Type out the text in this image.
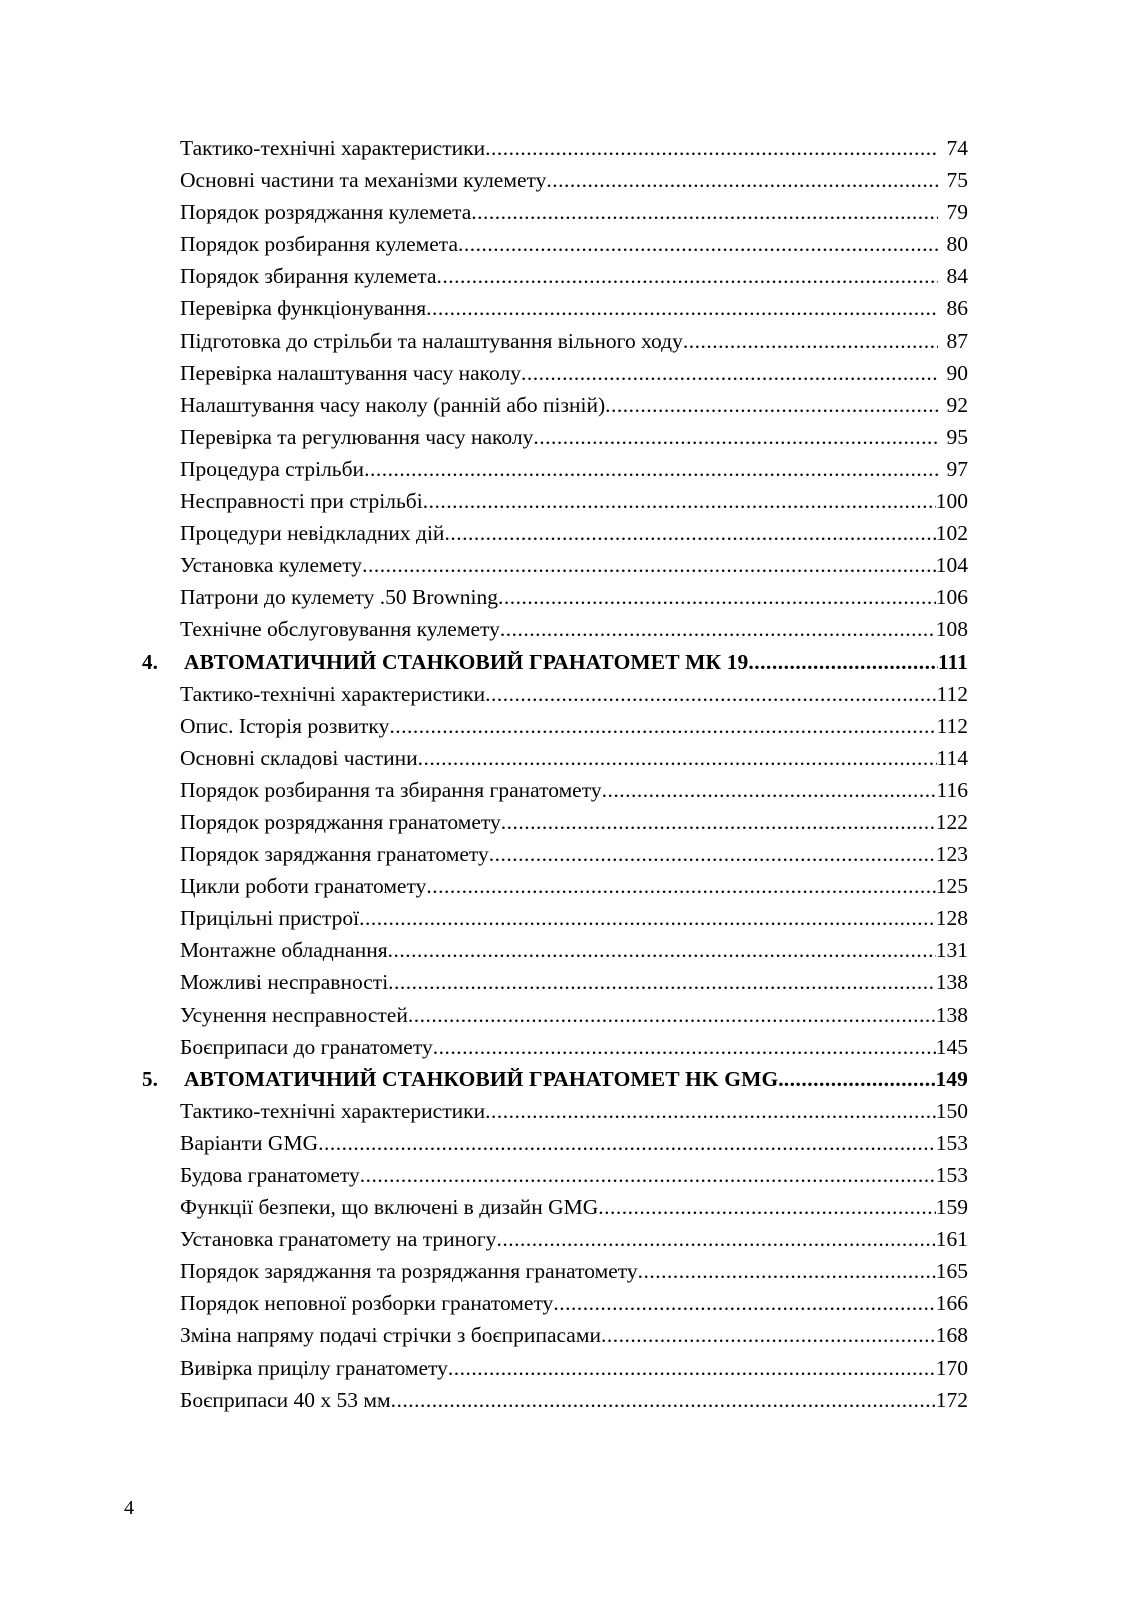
Тактико-технічні характеристики .....	74
Основні частини та механізми кулемету .....	75
Порядок розряджання кулемета .....	79
Порядок розбирання кулемета .....	80
Порядок збирання кулемета .....	84
Перевірка функціонування .....	86
Підготовка до стрільби та налаштування вільного ходу .....	87
Перевірка налаштування часу наколу .....	90
Налаштування часу наколу (ранній або пізній) .....	92
Перевірка та регулювання часу наколу .....	95
Процедура стрільби .....	97
Несправності при стрільбі .....	100
Процедури невідкладних дій .....	102
Установка кулемету .....	104
Патрони до кулемету .50 Browning .....	106
Технічне обслуговування кулемету .....	108
4.	АВТОМАТИЧНИЙ СТАНКОВИЙ ГРАНАТОМЕТ МК 19 .....	111
Тактико-технічні характеристики .....	112
Опис. Історія розвитку .....	112
Основні складові частини .....	114
Порядок розбирання та збирання гранатомету .....	116
Порядок розряджання гранатомету .....	122
Порядок заряджання гранатомету .....	123
Цикли роботи гранатомету .....	125
Прицільні пристрої .....	128
Монтажне обладнання .....	131
Можливі несправності .....	138
Усунення несправностей .....	138
Боєприпаси до гранатомету .....	145
5.	АВТОМАТИЧНИЙ СТАНКОВИЙ ГРАНАТОМЕТ HK GMG. .....	149
Тактико-технічні характеристики .....	150
Варіанти GMG .....	153
Будова гранатомету .....	153
Функції безпеки, що включені в дизайн GMG .....	159
Установка гранатомету на триногу .....	161
Порядок заряджання та розряджання гранатомету .....	165
Порядок неповної розборки гранатомету .....	166
Зміна напряму подачі стрічки з боєприпасами .....	168
Вивірка прицілу гранатомету .....	170
Боєприпаси 40 х 53 мм .....	172
4
